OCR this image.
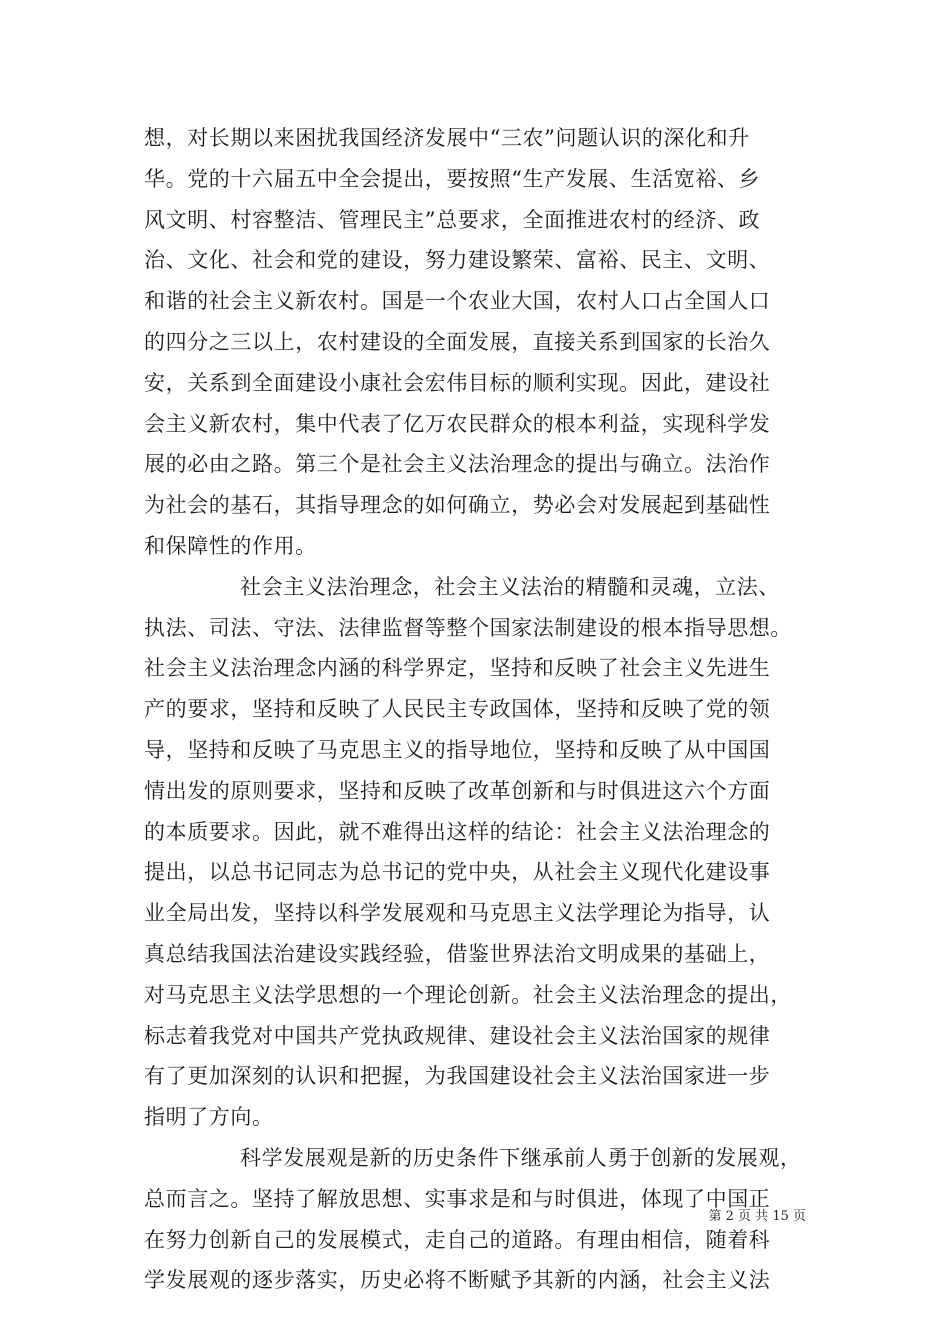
想，对长期以来困扰我国经济发展中“三农”问题认识的深化和升
华。党的十六届五中全会提出，要按照“生产发展、生活宽裕、乡
风文明、村容整洁、管理民主”总要求，全面推进农村的经济、政
治、文化、社会和党的建设，努力建设繁荣、富裕、民主、文明、
和谐的社会主义新农村。国是一个农业大国，农村人口占全国人口
的四分之三以上，农村建设的全面发展，直接关系到国家的长治久
安，关系到全面建设小康社会宏伟目标的顺利实现。因此，建设社
会主义新农村，集中代表了亿万农民群众的根本利益，实现科学发
展的必由之路。第三个是社会主义法治理念的提出与确立。法治作
为社会的基石，其指导理念的如何确立，势必会对发展起到基础性
和保障性的作用。
社会主义法治理念，社会主义法治的精髓和灵魂，立法、
执法、司法、守法、法律监督等整个国家法制建设的根本指导思想。
社会主义法治理念内涵的科学界定，坚持和反映了社会主义先进生
产的要求，坚持和反映了人民民主专政国体，坚持和反映了党的领
导，坚持和反映了马克思主义的指导地位，坚持和反映了从中国国
情出发的原则要求，坚持和反映了改革创新和与时俱进这六个方面
的本质要求。因此，就不难得出这样的结论：社会主义法治理念的
提出，以总书记同志为总书记的党中央，从社会主义现代化建设事
业全局出发，坚持以科学发展观和马克思主义法学理论为指导，认
真总结我国法治建设实践经验，借鉴世界法治文明成果的基础上，
对马克思主义法学思想的一个理论创新。社会主义法治理念的提出，
标志着我党对中国共产党执政规律、建设社会主义法治国家的规律
有了更加深刻的认识和把握，为我国建设社会主义法治国家进一步
指明了方向。
科学发展观是新的历史条件下继承前人勇于创新的发展观，
总而言之。坚持了解放思想、实事求是和与时俱进，体现了中国正
在努力创新自己的发展模式，走自己的道路。有理由相信，随着科
学发展观的逐步落实，历史必将不断赋予其新的内涵，社会主义法
第 2 页 共 15 页
